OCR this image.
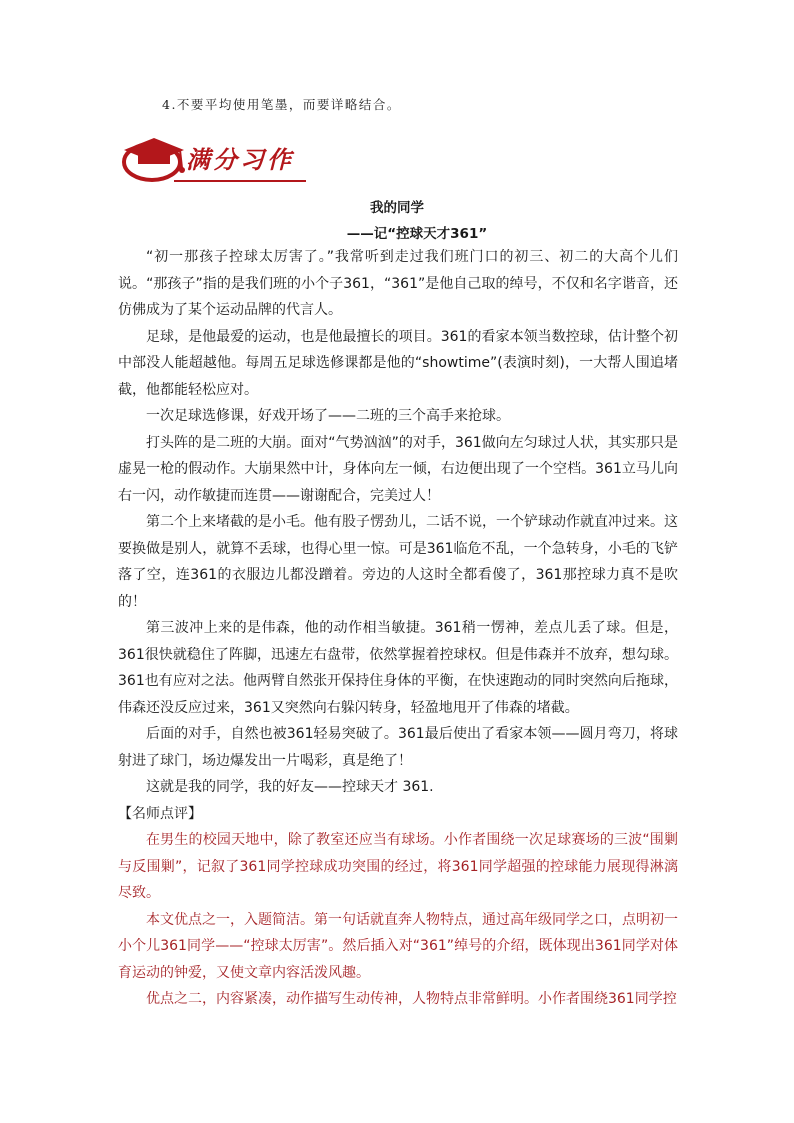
4.不要平均使用笔墨，而要详略结合。
满分习作
我的同学
——记“控球天才361”

“初一那孩子控球太厉害了。”我常听到走过我们班门口的初三、初二的大高个儿们说。“那孩子”指的是我们班的小个子361，“361”是他自己取的绰号，不仅和名字谐音，还仿佛成为了某个运动品牌的代言人。

足球，是他最爱的运动，也是他最擅长的项目。361的看家本领当数控球，估计整个初中部没人能超越他。每周五足球选修课都是他的“showtime”(表演时刻)，一大帮人围追堵截，他都能轻松应对。

一次足球选修课，好戏开场了——二班的三个高手来抢球。

打头阵的是二班的大崩。面对“气势汹汹”的对手，361做向左匀球过人状，其实那只是虚晃一枪的假动作。大崩果然中计，身体向左一倾，右边便出现了一个空档。361立马儿向右一闪，动作敏捷而连贯——谢谢配合，完美过人！

第二个上来堵截的是小毛。他有股子愣劲儿，二话不说，一个铲球动作就直冲过来。这要换做是别人，就算不丢球，也得心里一惊。可是361临危不乱，一个急转身，小毛的飞铲落了空，连361的衣服边儿都没蹭着。旁边的人这时全都看傻了，361那控球力真不是吹的！

第三波冲上来的是伟森，他的动作相当敏捷。361稍一愣神，差点儿丢了球。但是，361很快就稳住了阵脚，迅速左右盘带，依然掌握着控球权。但是伟森并不放弃，想勾球。361也有应对之法。他两臂自然张开保持住身体的平衡，在快速跑动的同时突然向后拖球，伟森还没反应过来，361又突然向右躲闪转身，轻盈地甩开了伟森的堵截。

后面的对手，自然也被361轻易突破了。361最后使出了看家本领——圆月弯刀，将球射进了球门，场边爆发出一片喝彩，真是绝了！

这就是我的同学，我的好友——控球天才 361.

【名师点评】

在男生的校园天地中，除了教室还应当有球场。小作者围绕一次足球赛场的三波“围剿与反围剿”，记叙了361同学控球成功突围的经过，将361同学超强的控球能力展现得淋漓尽致。

本文优点之一，入题简洁。第一句话就直奔人物特点，通过高年级同学之口，点明初一小个儿361同学——“控球太厉害”。然后插入对“361”绰号的介绍，既体现出361同学对体育运动的钟爱，又使文章内容活泼风趣。

优点之二，内容紧凑，动作描写生动传神，人物特点非常鲜明。小作者围绕361同学控
